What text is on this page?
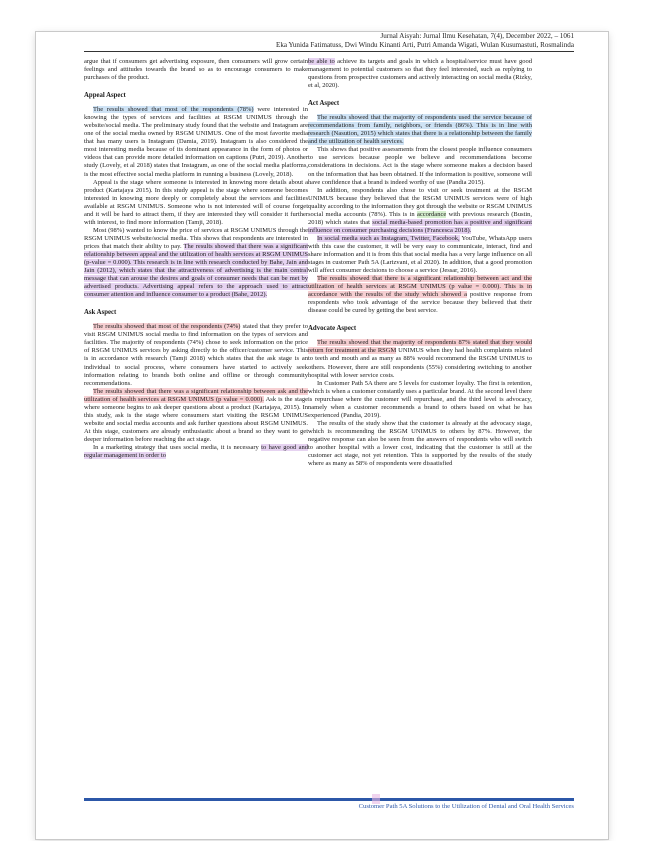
Jurnal Aisyah: Jurnal Ilmu Kesehatan, 7(4), December 2022, – 1061
Eka Yunida Fatimatuss, Dwi Windu Kinanti Arti, Putri Amanda Wigati, Wulan Kusumastuti, Rosmalinda

argue that if consumers get advertising exposure, then consumers will grow certain feelings and attitudes towards the brand so as to encourage consumers to make purchases of the product.

Appeal Aspect

The results showed that most of the respondents (78%) were interested in knowing the types of services and facilities at RSGM UNIMUS through the website/social media. The preliminary study found that the website and Instagram are one of the social media owned by RSGM UNIMUS. One of the most favorite media that has many users is Instagram (Damia, 2019). Instagram is also considered the most interesting media because of its dominant appearance in the form of photos or videos that can provide more detailed information on captions (Putri, 2019). Another study (Lovely, et al 2018) states that Instagram, as one of the social media platforms, is the most effective social media platform in running a business (Lovely, 2018).

Appeal is the stage where someone is interested in knowing more details about a product (Kartajaya 2015). In this study appeal is the stage where someone becomes interested in knowing more deeply or completely about the services and facilities available at RSGM UNIMUS. Someone who is not interested will of course forget and it will be hard to attract them, if they are interested they will consider it further with interest, to find more information (Tamji, 2018).

Most (98%) wanted to know the price of services at RSGM UNIMUS through the RSGM UNIMUS website/social media. This shows that respondents are interested in prices that match their ability to pay. The results showed that there was a significant relationship between appeal and the utilization of health services at RSGM UNIMUS (p-value = 0.000). This research is in line with research conducted by Bahe, Jain and Jain (2012), which states that the attractiveness of advertising is the main central message that can arouse the desires and goals of consumer needs that can be met by advertised products. Advertising appeal refers to the approach used to attract consumer attention and influence consumer to a product (Bahe, 2012).

Ask Aspect

The results showed that most of the respondents (74%) stated that they prefer to visit RSGM UNIMUS social media to find information on the types of services and facilities. The majority of respondents (74%) chose to seek information on the price of RSGM UNIMUS services by asking directly to the officer/customer service. This is in accordance with research (Tamji 2018) which states that the ask stage is an individual to social process, where consumers have started to actively seek information relating to brands both online and offline or through community recommendations.

The results showed that there was a significant relationship between ask and the utilization of health services at RSGM UNIMUS (p value = 0.000). Ask is the stage where someone begins to ask deeper questions about a product (Kartajaya, 2015). In this study, ask is the stage where consumers start visiting the RSGM UNIMUS website and social media accounts and ask further questions about RSGM UNIMUS. At this stage, customers are already enthusiastic about a brand so they want to get deeper information before reaching the act stage.

In a marketing strategy that uses social media, it is necessary to have good and regular management in order to

be able to achieve its targets and goals in which a hospital/service must have good management to potential customers so that they feel interested, such as replying to questions from prospective customers and actively interacting on social media (Rizky, et al, 2020).

Act Aspect

The results showed that the majority of respondents used the service because of recommendations from family, neighbors, or friends (86%). This is in line with research (Nasution, 2015) which states that there is a relationship between the family and the utilization of health services.

This shows that positive assessments from the closest people influence consumers to use services because people we believe and recommendations become considerations in decisions. Act is the stage where someone makes a decision based on the information that has been obtained. If the information is positive, someone will have confidence that a brand is indeed worthy of use (Pandia 2015).

In addition, respondents also chose to visit or seek treatment at the RSGM UNIMUS because they believed that the RSGM UNIMUS services were of high quality according to the information they got through the website or RSGM UNIMUS social media accounts (78%). This is in accordance with previous research (Bustin, 2018) which states that social media-based promotion has a positive and significant influence on consumer purchasing decisions (Francesca 2018).

In social media such as Instagram, Twitter, Facebook, YouTube, WhatsApp users with this case the customer, it will be very easy to communicate, interact, find and share information and it is from this that social media has a very large influence on all stages in customer Path 5A (Larizvani, et al 2020). In addition, that a good promotion will affect consumer decisions to choose a service (Jessar, 2016).

The results showed that there is a significant relationship between act and the utilization of health services at RSGM UNIMUS (p value = 0.000). This is in accordance with the results of the study which showed a positive response from respondents who took advantage of the service because they believed that their disease could be cured by getting the best service.

Advocate Aspect

The results showed that the majority of respondents 87% stated that they would return for treatment at the RSGM UNIMUS when they had health complaints related to teeth and mouth and as many as 88% would recommend the RSGM UNIMUS to others. However, there are still respondents (55%) considering switching to another hospital with lower service costs.

In Customer Path 5A there are 5 levels for customer loyalty. The first is retention, which is when a customer constantly uses a particular brand. At the second level there is repurchase where the customer will repurchase, and the third level is advocacy, namely when a customer recommends a brand to others based on what he has experienced (Pandia, 2019).

The results of the study show that the customer is already at the advocacy stage, which is recommending the RSGM UNIMUS to others by 87%. However, the negative response can also be seen from the answers of respondents who will switch to another hospital with a lower cost, indicating that the customer is still at the customer act stage, not yet retention. This is supported by the results of the study where as many as 58% of respondents were dissatisfied

Customer Path 5A Solutions to the Utilization of Dental and Oral Health Services
